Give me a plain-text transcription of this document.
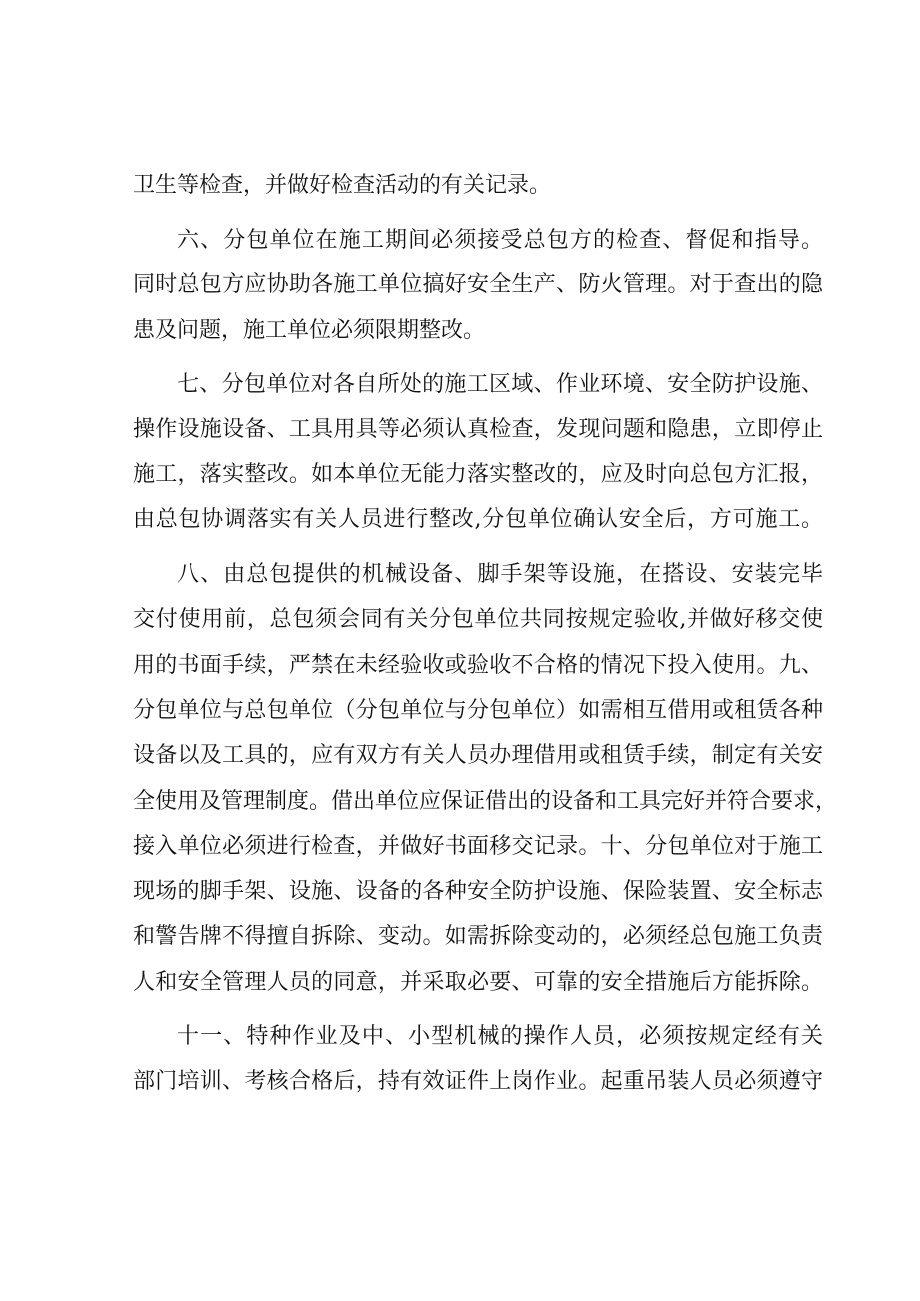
卫生等检查，并做好检查活动的有关记录。
六、分包单位在施工期间必须接受总包方的检查、督促和指导。
同时总包方应协助各施工单位搞好安全生产、防火管理。对于查出的隐
患及问题，施工单位必须限期整改。
七、分包单位对各自所处的施工区域、作业环境、安全防护设施、
操作设施设备、工具用具等必须认真检查，发现问题和隐患，立即停止
施工，落实整改。如本单位无能力落实整改的，应及时向总包方汇报，
由总包协调落实有关人员进行整改,分包单位确认安全后，方可施工。
八、由总包提供的机械设备、脚手架等设施，在搭设、安装完毕
交付使用前，总包须会同有关分包单位共同按规定验收,并做好移交使
用的书面手续，严禁在未经验收或验收不合格的情况下投入使用。九、
分包单位与总包单位（分包单位与分包单位）如需相互借用或租赁各种
设备以及工具的，应有双方有关人员办理借用或租赁手续，制定有关安
全使用及管理制度。借出单位应保证借出的设备和工具完好并符合要求，
接入单位必须进行检查，并做好书面移交记录。十、分包单位对于施工
现场的脚手架、设施、设备的各种安全防护设施、保险装置、安全标志
和警告牌不得擅自拆除、变动。如需拆除变动的，必须经总包施工负责
人和安全管理人员的同意，并采取必要、可靠的安全措施后方能拆除。
十一、特种作业及中、小型机械的操作人员，必须按规定经有关
部门培训、考核合格后，持有效证件上岗作业。起重吊装人员必须遵守
